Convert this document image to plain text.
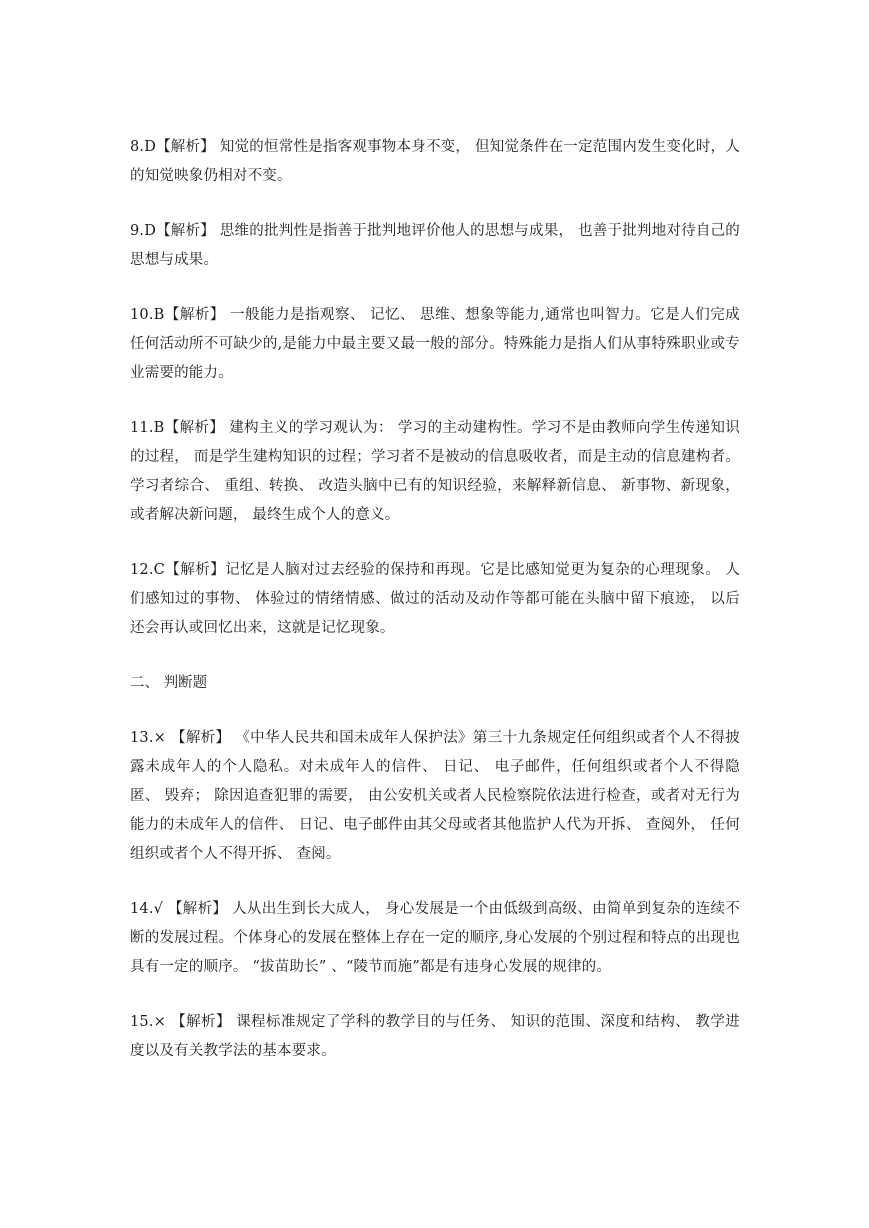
8.D【解析】 知觉的恒常性是指客观事物本身不变， 但知觉条件在一定范围内发生变化时，人的知觉映象仍相对不变。

9.D【解析】 思维的批判性是指善于批判地评价他人的思想与成果， 也善于批判地对待自己的思想与成果。

10.B【解析】 一般能力是指观察、 记忆、 思维、想象等能力,通常也叫智力。它是人们完成任何活动所不可缺少的,是能力中最主要又最一般的部分。特殊能力是指人们从事特殊职业或专业需要的能力。

11.B【解析】 建构主义的学习观认为： 学习的主动建构性。学习不是由教师向学生传递知识的过程， 而是学生建构知识的过程；学习者不是被动的信息吸收者，而是主动的信息建构者。 学习者综合、 重组、转换、 改造头脑中已有的知识经验，来解释新信息、 新事物、新现象，或者解决新问题， 最终生成个人的意义。

12.C【解析】记忆是人脑对过去经验的保持和再现。它是比感知觉更为复杂的心理现象。 人们感知过的事物、 体验过的情绪情感、做过的活动及动作等都可能在头脑中留下痕迹， 以后还会再认或回忆出来，这就是记忆现象。

二、 判断题

13.× 【解析】 《中华人民共和国未成年人保护法》第三十九条规定任何组织或者个人不得披露未成年人的个人隐私。对未成年人的信件、 日记、 电子邮件，任何组织或者个人不得隐匿、 毁弃； 除因追查犯罪的需要， 由公安机关或者人民检察院依法进行检查，或者对无行为能力的未成年人的信件、 日记、电子邮件由其父母或者其他监护人代为开拆、 查阅外， 任何组织或者个人不得开拆、 查阅。

14.√ 【解析】 人从出生到长大成人， 身心发展是一个由低级到高级、由简单到复杂的连续不断的发展过程。个体身心的发展在整体上存在一定的顺序,身心发展的个别过程和特点的出现也具有一定的顺序。 “拔苗助长” 、“陵节而施”都是有违身心发展的规律的。

15.× 【解析】 课程标准规定了学科的教学目的与任务、 知识的范围、深度和结构、 教学进度以及有关教学法的基本要求。
